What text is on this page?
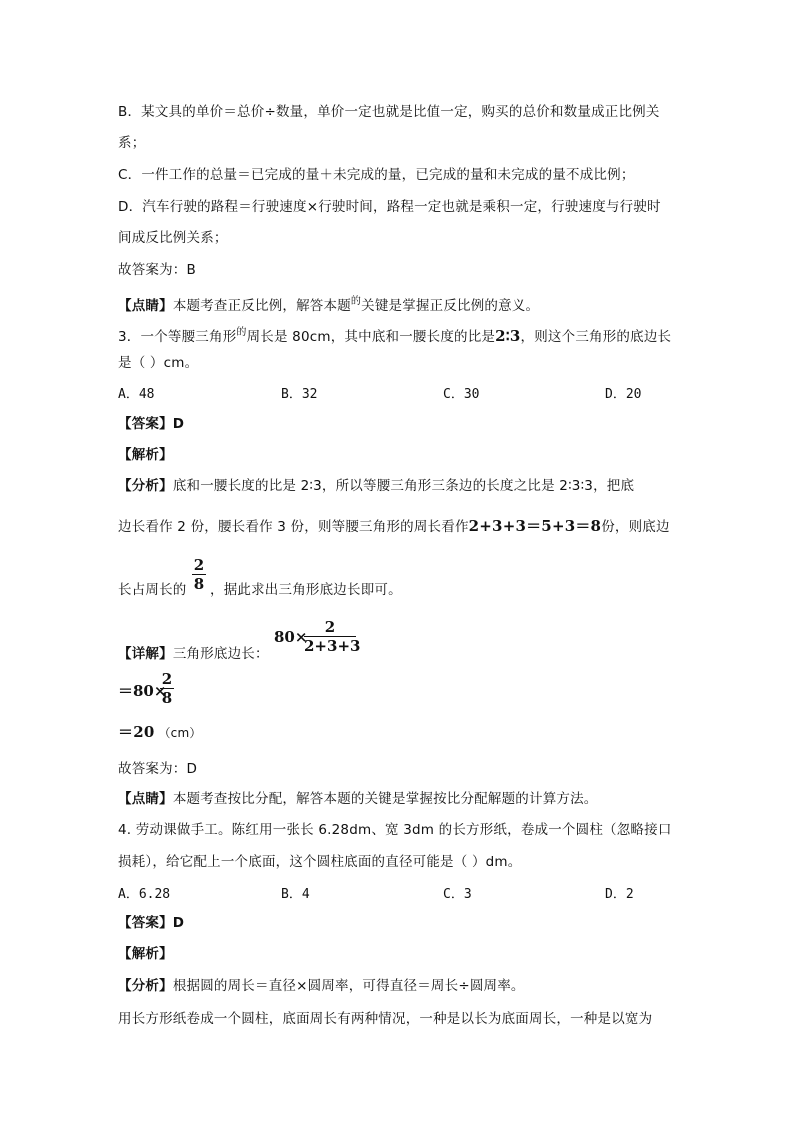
B．某文具的单价＝总价÷数量，单价一定也就是比值一定，购买的总价和数量成正比例关
系；
C．一件工作的总量＝已完成的量＋未完成的量，已完成的量和未完成的量不成比例；
D．汽车行驶的路程＝行驶速度×行驶时间，路程一定也就是乘积一定，行驶速度与行驶时
间成反比例关系；
故答案为：B
【点睛】本题考查正反比例，解答本题$^的$关键是掌握正反比例的意义。
3．一个等腰三角形$^的$周长是 80cm，其中底和一腰长度的比是2∶3，则这个三角形的底边长
是（ ）cm。
A．48	B．32	C．30	D．20
【答案】D
【解析】
【分析】底和一腰长度的比是 2∶3，所以等腰三角形三条边的长度之比是 2∶3∶3，把底
边长看作 2 份，腰长看作 3 份，则等腰三角形的周长看作2+3+3＝5+3＝8份，则底边
长占周长的 $\frac{2}{8}$ ，据此求出三角形底边长即可。
【详解】三角形底边长：
80×
$\frac{2}{2+3+3}$
＝80×
$\frac{2}{8}$
＝20 （cm）
故答案为：D
【点睛】本题考查按比分配，解答本题的关键是掌握按比分配解题的计算方法。
4. 劳动课做手工。陈红用一张长 6.28dm、宽 3dm 的长方形纸，卷成一个圆柱（忽略接口
损耗），给它配上一个底面，这个圆柱底面的直径可能是（ ）dm。
A．6.28	B．4	C．3	D．2
【答案】D
【解析】
【分析】根据圆的周长＝直径×圆周率，可得直径＝周长÷圆周率。
用长方形纸卷成一个圆柱，底面周长有两种情况，一种是以长为底面周长，一种是以宽为
